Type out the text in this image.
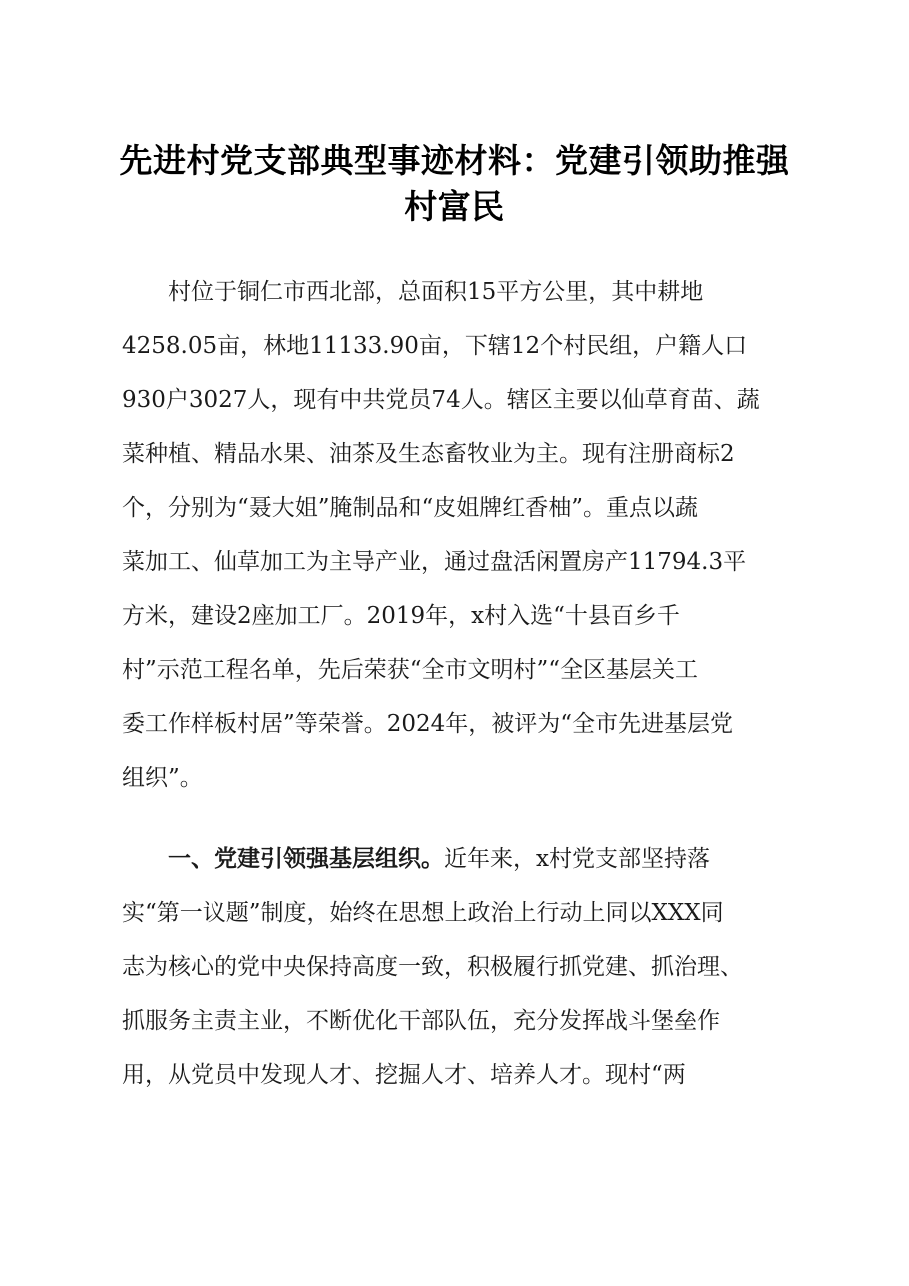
先进村党支部典型事迹材料：党建引领助推强
村富民
村位于铜仁市西北部，总面积15平方公里，其中耕地
4258.05亩，林地11133.90亩，下辖12个村民组，户籍人口
930户3027人，现有中共党员74人。辖区主要以仙草育苗、蔬
菜种植、精品水果、油茶及生态畜牧业为主。现有注册商标2
个，分别为“聂大姐”腌制品和“皮姐牌红香柚”。重点以蔬
菜加工、仙草加工为主导产业，通过盘活闲置房产11794.3平
方米，建设2座加工厂。2019年，x村入选“十县百乡千
村”示范工程名单，先后荣获“全市文明村”“全区基层关工
委工作样板村居”等荣誉。2024年，被评为“全市先进基层党
组织”。
一、党建引领强基层组织。近年来，x村党支部坚持落
实“第一议题”制度，始终在思想上政治上行动上同以XXX同
志为核心的党中央保持高度一致，积极履行抓党建、抓治理、
抓服务主责主业，不断优化干部队伍，充分发挥战斗堡垒作
用，从党员中发现人才、挖掘人才、培养人才。现村“两
